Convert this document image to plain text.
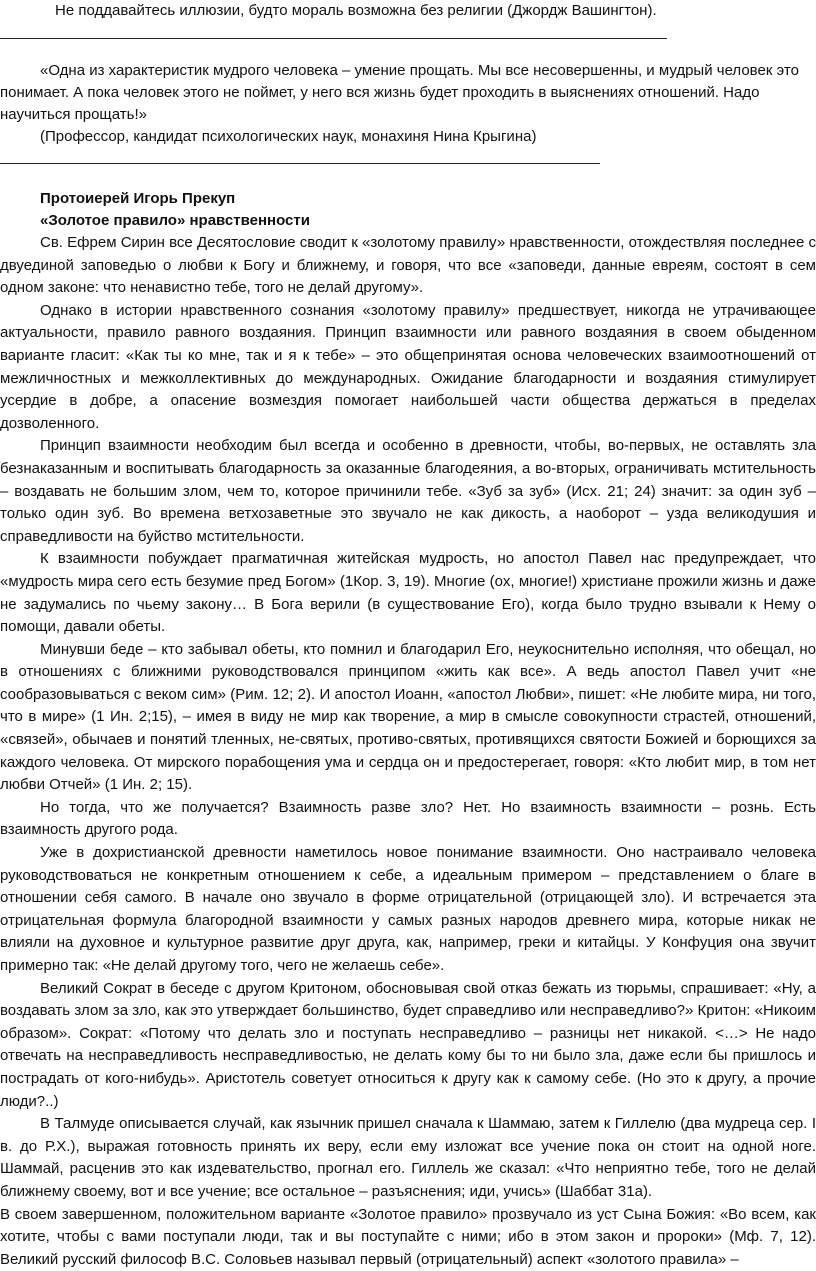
Не поддавайтесь иллюзии, будто мораль возможна без религии (Джордж Вашингтон).

«Одна из характеристик мудрого человека – умение прощать. Мы все несовершенны, и мудрый человек это понимает. А пока человек этого не поймет, у него вся жизнь будет проходить в выяснениях отношений. Надо научиться прощать!»

(Профессор, кандидат психологических наук, монахиня Нина Крыгина)

Протоиерей Игорь Прекуп

«Золотое правило» нравственности

Св. Ефрем Сирин все Десятословие сводит к «золотому правилу» нравственности, отождествляя последнее с двуединой заповедью о любви к Богу и ближнему, и говоря, что все «заповеди, данные евреям, состоят в сем одном законе: что ненавистно тебе, того не делай другому».

Однако в истории нравственного сознания «золотому правилу» предшествует, никогда не утрачивающее актуальности, правило равного воздаяния. Принцип взаимности или равного воздаяния в своем обыденном варианте гласит: «Как ты ко мне, так и я к тебе» – это общепринятая основа человеческих взаимоотношений от межличностных и межколлективных до международных. Ожидание благодарности и воздаяния стимулирует усердие в добре, а опасение возмездия помогает наибольшей части общества держаться в пределах дозволенного.

Принцип взаимности необходим был всегда и особенно в древности, чтобы, во-первых, не оставлять зла безнаказанным и воспитывать благодарность за оказанные благодеяния, а во-вторых, ограничивать мстительность – воздавать не большим злом, чем то, которое причинили тебе. «Зуб за зуб» (Исх. 21; 24) значит: за один зуб – только один зуб. Во времена ветхозаветные это звучало не как дикость, а наоборот – узда великодушия и справедливости на буйство мстительности.

К взаимности побуждает прагматичная житейская мудрость, но апостол Павел нас предупреждает, что «мудрость мира сего есть безумие пред Богом» (1Кор. 3, 19). Многие (ох, многие!) христиане прожили жизнь и даже не задумались по чьему закону… В Бога верили (в существование Его), когда было трудно взывали к Нему о помощи, давали обеты.

Минувши беде – кто забывал обеты, кто помнил и благодарил Его, неукоснительно исполняя, что обещал, но в отношениях с ближними руководствовался принципом «жить как все». А ведь апостол Павел учит «не сообразовываться с веком сим» (Рим. 12; 2). И апостол Иоанн, «апостол Любви», пишет: «Не любите мира, ни того, что в мире» (1 Ин. 2;15), – имея в виду не мир как творение, а мир в смысле совокупности страстей, отношений, «связей», обычаев и понятий тленных, не-святых, противо-святых, противящихся святости Божией и борющихся за каждого человека. От мирского порабощения ума и сердца он и предостерегает, говоря: «Кто любит мир, в том нет любви Отчей» (1 Ин. 2; 15).

Но тогда, что же получается? Взаимность разве зло? Нет. Но взаимность взаимности – рознь. Есть взаимность другого рода.

Уже в дохристианской древности наметилось новое понимание взаимности. Оно настраивало человека руководствоваться не конкретным отношением к себе, а идеальным примером – представлением о благе в отношении себя самого. В начале оно звучало в форме отрицательной (отрицающей зло). И встречается эта отрицательная формула благородной взаимности у самых разных народов древнего мира, которые никак не влияли на духовное и культурное развитие друг друга, как, например, греки и китайцы. У Конфуция она звучит примерно так: «Не делай другому того, чего не желаешь себе».

Великий Сократ в беседе с другом Критоном, обосновывая свой отказ бежать из тюрьмы, спрашивает: «Ну, а воздавать злом за зло, как это утверждает большинство, будет справедливо или несправедливо?» Критон: «Никоим образом». Сократ: «Потому что делать зло и поступать несправедливо – разницы нет никакой. <…> Не надо отвечать на несправедливость несправедливостью, не делать кому бы то ни было зла, даже если бы пришлось и пострадать от кого-нибудь». Аристотель советует относиться к другу как к самому себе. (Но это к другу, а прочие люди?..)

В Талмуде описывается случай, как язычник пришел сначала к Шаммаю, затем к Гиллелю (два мудреца сер. I в. до Р.Х.), выражая готовность принять их веру, если ему изложат все учение пока он стоит на одной ноге. Шаммай, расценив это как издевательство, прогнал его. Гиллель же сказал: «Что неприятно тебе, того не делай ближнему своему, вот и все учение; все остальное – разъяснения; иди, учись» (Шаббат 31а).

В своем завершенном, положительном варианте «Золотое правило» прозвучало из уст Сына Божия: «Во всем, как хотите, чтобы с вами поступали люди, так и вы поступайте с ними; ибо в этом закон и пророки» (Мф. 7, 12). Великий русский философ В.С. Соловьев называл первый (отрицательный) аспект «золотого правила» –
